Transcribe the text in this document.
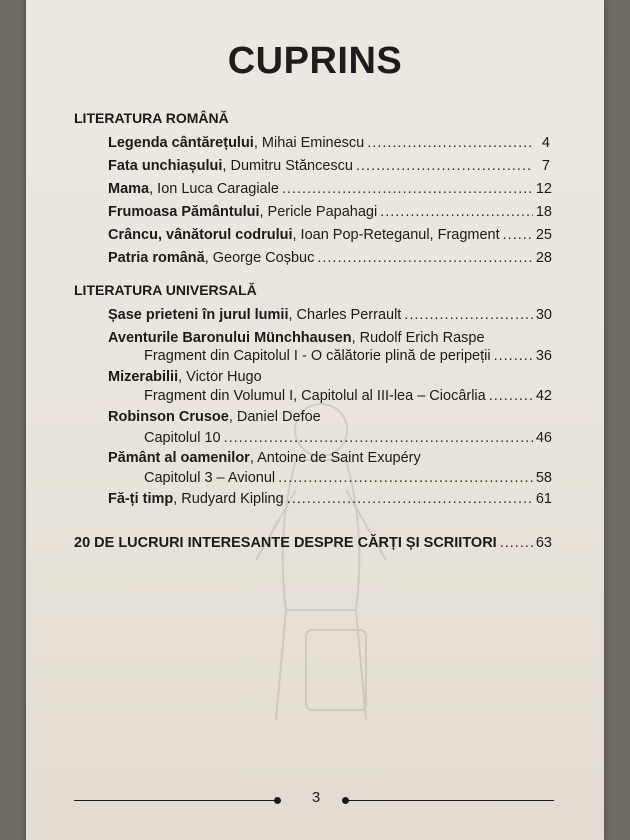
CUPRINS
LITERATURA ROMÂNĂ
Legenda cântărețului , Mihai Eminescu .....	4
Fata unchiașului , Dumitru Stăncescu .....	7
Mama , Ion Luca Caragiale .....	12
Frumoasa Pământului , Pericle Papahagi .....	18
Crâncu, vânătorul codrului , Ioan Pop-Reteganul, Fragment ..... 25
Patria română , George Coșbuc .....	28
LITERATURA UNIVERSALĂ
Șase prieteni în jurul lumii , Charles Perrault .....	30
Aventurile Baronului Münchhausen , Rudolf Erich Raspe
Fragment din Capitolul I - O călătorie plină de peripeții .....	36
Mizerabilii , Victor Hugo
Fragment din Volumul I, Capitolul al III-lea – Ciocârlia .....	42
Robinson Crusoe , Daniel Defoe
Capitolul 10 .....	46
Pământ al oamenilor , Antoine de Saint Exupéry
Capitolul 3 – Avionul .....	58
Fă-ți timp , Rudyard Kipling .....	61
20 DE LUCRURI INTERESANTE DESPRE CĂRȚI ȘI SCRIITORI .....	63
3
